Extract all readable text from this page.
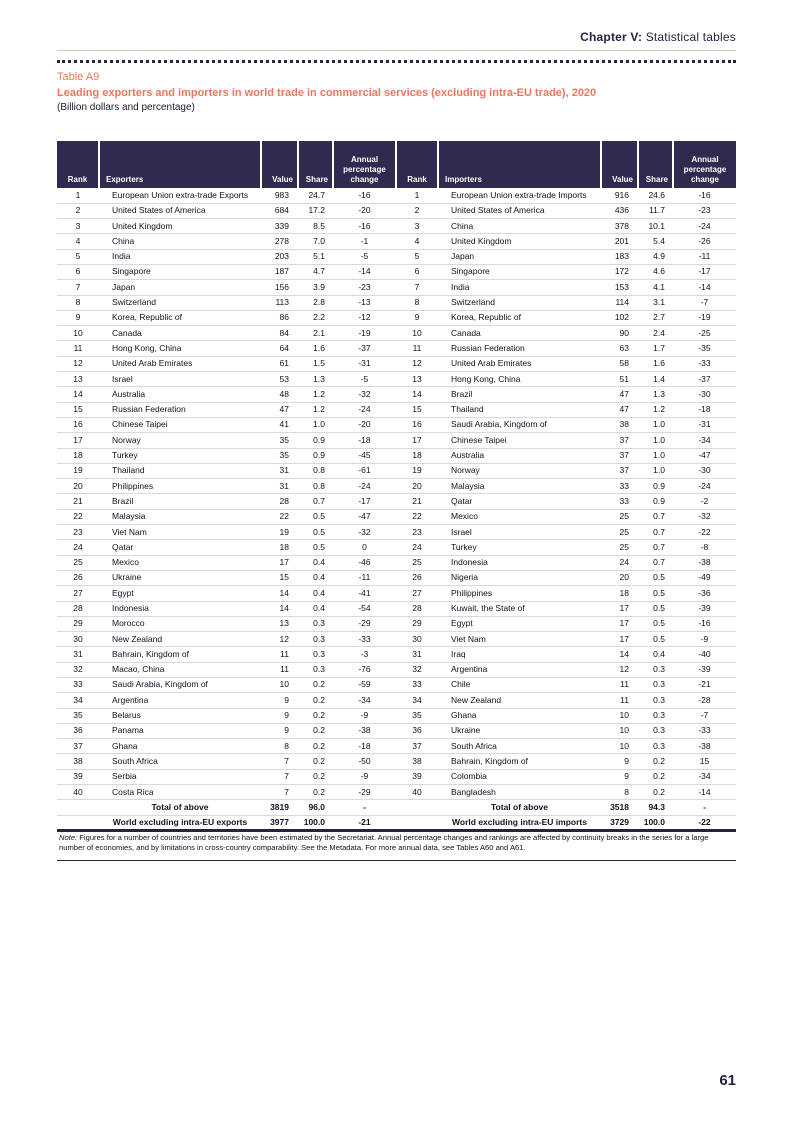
Chapter V: Statistical tables
Table A9
Leading exporters and importers in world trade in commercial services (excluding intra-EU trade), 2020
(Billion dollars and percentage)
Rank	Exporters	Value	Share	Annual percentage change	Rank	Importers	Value	Share	Annual percentage change
1	European Union extra-trade Exports	983	24.7	-16	1	European Union extra-trade Imports	916	24.6	-16
2	United States of America	684	17.2	-20	2	United States of America	436	11.7	-23
3	United Kingdom	339	8.5	-16	3	China	378	10.1	-24
4	China	278	7.0	-1	4	United Kingdom	201	5.4	-26
5	India	203	5.1	-5	5	Japan	183	4.9	-11
6	Singapore	187	4.7	-14	6	Singapore	172	4.6	-17
7	Japan	156	3.9	-23	7	India	153	4.1	-14
8	Switzerland	113	2.8	-13	8	Switzerland	114	3.1	-7
9	Korea, Republic of	86	2.2	-12	9	Korea, Republic of	102	2.7	-19
10	Canada	84	2.1	-19	10	Canada	90	2.4	-25
11	Hong Kong, China	64	1.6	-37	11	Russian Federation	63	1.7	-35
12	United Arab Emirates	61	1.5	-31	12	United Arab Emirates	58	1.6	-33
13	Israel	53	1.3	-5	13	Hong Kong, China	51	1.4	-37
14	Australia	48	1.2	-32	14	Brazil	47	1.3	-30
15	Russian Federation	47	1.2	-24	15	Thailand	47	1.2	-18
16	Chinese Taipei	41	1.0	-20	16	Saudi Arabia, Kingdom of	38	1.0	-31
17	Norway	35	0.9	-18	17	Chinese Taipei	37	1.0	-34
18	Turkey	35	0.9	-45	18	Australia	37	1.0	-47
19	Thailand	31	0.8	-61	19	Norway	37	1.0	-30
20	Philippines	31	0.8	-24	20	Malaysia	33	0.9	-24
21	Brazil	28	0.7	-17	21	Qatar	33	0.9	-2
22	Malaysia	22	0.5	-47	22	Mexico	25	0.7	-32
23	Viet Nam	19	0.5	-32	23	Israel	25	0.7	-22
24	Qatar	18	0.5	0	24	Turkey	25	0.7	-8
25	Mexico	17	0.4	-46	25	Indonesia	24	0.7	-38
26	Ukraine	15	0.4	-11	26	Nigeria	20	0.5	-49
27	Egypt	14	0.4	-41	27	Philippines	18	0.5	-36
28	Indonesia	14	0.4	-54	28	Kuwait, the State of	17	0.5	-39
29	Morocco	13	0.3	-29	29	Egypt	17	0.5	-16
30	New Zealand	12	0.3	-33	30	Viet Nam	17	0.5	-9
31	Bahrain, Kingdom of	11	0.3	-3	31	Iraq	14	0.4	-40
32	Macao, China	11	0.3	-76	32	Argentina	12	0.3	-39
33	Saudi Arabia, Kingdom of	10	0.2	-59	33	Chile	11	0.3	-21
34	Argentina	9	0.2	-34	34	New Zealand	11	0.3	-28
35	Belarus	9	0.2	-9	35	Ghana	10	0.3	-7
36	Panama	9	0.2	-38	36	Ukraine	10	0.3	-33
37	Ghana	8	0.2	-18	37	South Africa	10	0.3	-38
38	South Africa	7	0.2	-50	38	Bahrain, Kingdom of	9	0.2	15
39	Serbia	7	0.2	-9	39	Colombia	9	0.2	-34
40	Costa Rica	7	0.2	-29	40	Bangladesh	8	0.2	-14
	Total of above	3819	96.0	-		Total of above	3518	94.3	-
	World excluding intra-EU exports	3977	100.0	-21		World excluding intra-EU imports	3729	100.0	-22
Note: Figures for a number of countries and territories have been estimated by the Secretariat. Annual percentage changes and rankings are affected by continuity breaks in the series for a large number of economies, and by limitations in cross-country comparability. See the Metadata. For more annual data, see Tables A60 and A61.
61
